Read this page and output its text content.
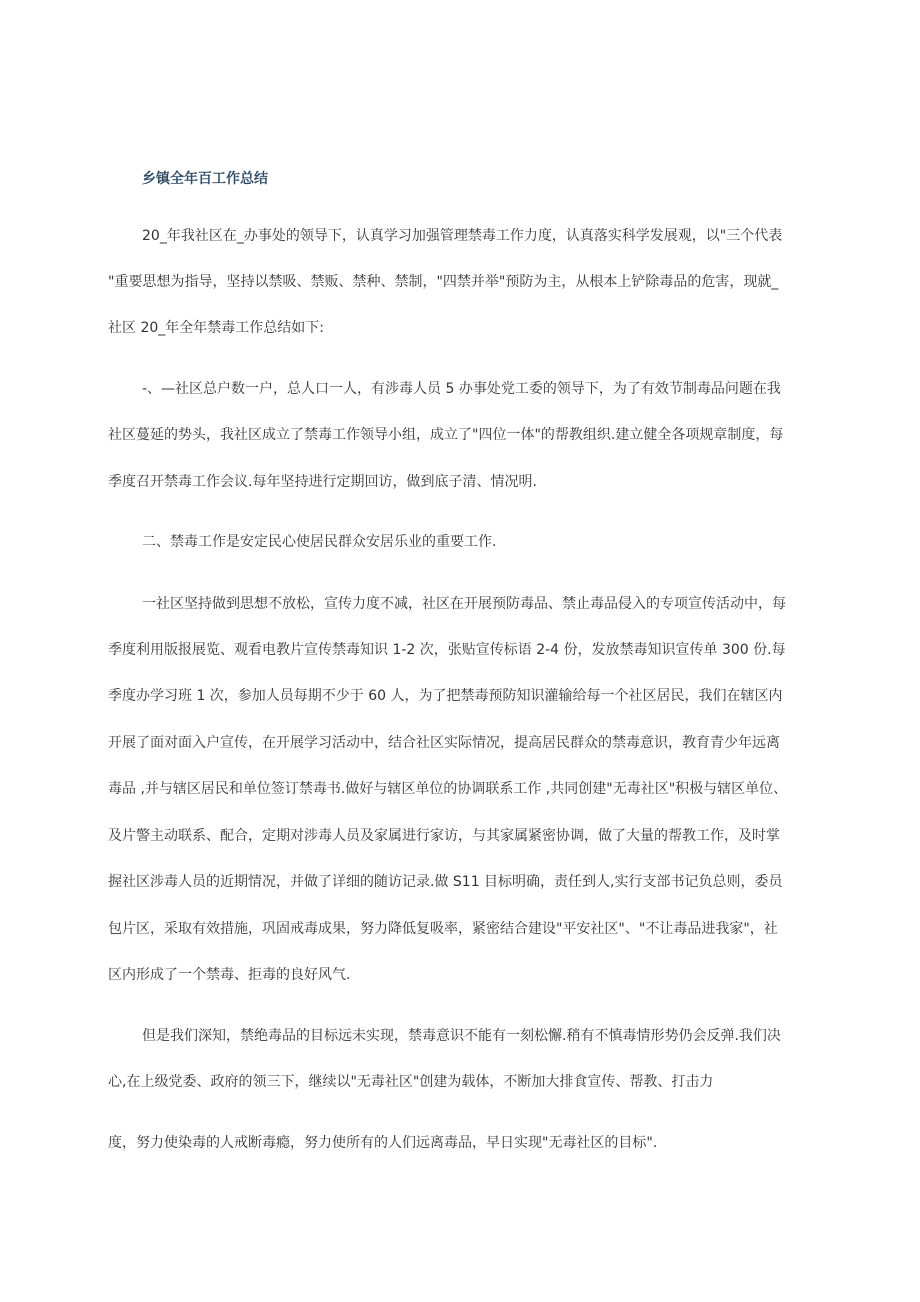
乡镇全年百工作总结
20_年我社区在_办事处的领导下，认真学习加强管理禁毒工作力度，认真落实科学发展观，以"三个代表
"重要思想为指导，坚持以禁吸、禁贩、禁种、禁制，"四禁并举"预防为主，从根本上铲除毒品的危害，现就_
社区 20_年全年禁毒工作总结如下:
-、—社区总户数一户，总人口一人，有涉毒人员 5 办事处党工委的领导下，为了有效节制毒品问题在我
社区蔓延的势头，我社区成立了禁毒工作领导小组，成立了"四位一体"的帮教组织.建立健全各项规章制度，每
季度召开禁毒工作会议.每年坚持进行定期回访，做到底子清、情况明.
二、禁毒工作是安定民心使居民群众安居乐业的重要工作.
一社区坚持做到思想不放松，宣传力度不减，社区在开展预防毒品、禁止毒品侵入的专项宣传活动中，每
季度利用版报展览、观看电教片宣传禁毒知识 1-2 次，张贴宣传标语 2-4 份，发放禁毒知识宣传单 300 份.每
季度办学习班 1 次，参加人员每期不少于 60 人，为了把禁毒预防知识灌输给每一个社区居民，我们在辖区内
开展了面对面入户宣传，在开展学习活动中，结合社区实际情况，提高居民群众的禁毒意识，教育青少年远离
毒品 ,并与辖区居民和单位签订禁毒书.做好与辖区单位的协调联系工作 ,共同创建"无毒社区"积极与辖区单位、
及片警主动联系、配合，定期对涉毒人员及家属进行家访，与其家属紧密协调，做了大量的帮教工作，及时掌
握社区涉毒人员的近期情况，并做了详细的随访记录.做 S11 目标明确，责任到人,实行支部书记负总则，委员
包片区，采取有效措施，巩固戒毒成果，努力降低复吸率，紧密结合建设"平安社区"、"不让毒品进我家"，社
区内形成了一个禁毒、拒毒的良好风气.
但是我们深知，禁绝毒品的目标远未实现，禁毒意识不能有一刻松懈.稍有不慎毒情形势仍会反弹.我们决
心,在上级党委、政府的领三下，继续以"无毒社区"创建为载体，不断加大排食宣传、帮教、打击力
度，努力使染毒的人戒断毒瘾，努力使所有的人们远离毒品，早日实现"无毒社区的目标".
